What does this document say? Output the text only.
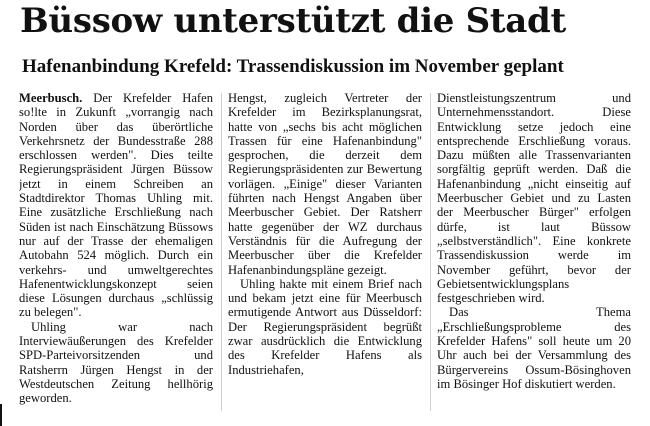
Büssow unterstützt die Stadt
Hafenanbindung Krefeld: Trassendiskussion im November geplant

Meerbusch. Der Krefelder Hafen so!lte in Zukunft „vorrangig nach Norden über das überörtliche Verkehrsnetz der Bundesstraße 288 erschlossen werden". Dies teilte Regierungspräsident Jürgen Büssow jetzt in einem Schreiben an Stadtdirektor Thomas Uhling mit. Eine zusätzliche Erschließung nach Süden ist nach Einschätzung Büssows nur auf der Trasse der ehemaligen Autobahn 524 möglich. Durch ein verkehrs- und umweltgerechtes Hafenentwicklungskonzept seien diese Lösungen durchaus „schlüssig zu belegen".

Uhling war nach Interviewäußerungen des Krefelder SPD-Parteivorsitzenden und Ratsherrn Jürgen Hengst in der Westdeutschen Zeitung hellhörig geworden.

Hengst, zugleich Vertreter der Krefelder im Bezirksplanungsrat, hatte von „sechs bis acht möglichen Trassen für eine Hafenanbindung" gesprochen, die derzeit dem Regierungspräsidenten zur Bewertung vorlägen. „Einige" dieser Varianten führten nach Hengst Angaben über Meerbuscher Gebiet. Der Ratsherr hatte gegenüber der WZ durchaus Verständnis für die Aufregung der Meerbuscher über die Krefelder Hafenanbindungspläne gezeigt.

Uhling hakte mit einem Brief nach und bekam jetzt eine für Meerbusch ermutigende Antwort aus Düsseldorf: Der Regierungspräsident begrüßt zwar ausdrücklich die Entwicklung des Krefelder Hafens als Industriehafen,

Dienstleistungszentrum und Unternehmensstandort. Diese Entwicklung setze jedoch eine entsprechende Erschließung voraus. Dazu müßten alle Trassenvarianten sorgfältig geprüft werden. Daß die Hafenanbindung „nicht einseitig auf Meerbuscher Gebiet und zu Lasten der Meerbuscher Bürger" erfolgen dürfe, ist laut Büssow „selbstverständlich". Eine konkrete Trassendiskussion werde im November geführt, bevor der Gebietsentwicklungsplans festgeschrieben wird.

Das Thema „Erschließungsprobleme des Krefelder Hafens" soll heute um 20 Uhr auch bei der Versammlung des Bürgervereins Ossum-Bösinghoven im Bösinger Hof diskutiert werden.
